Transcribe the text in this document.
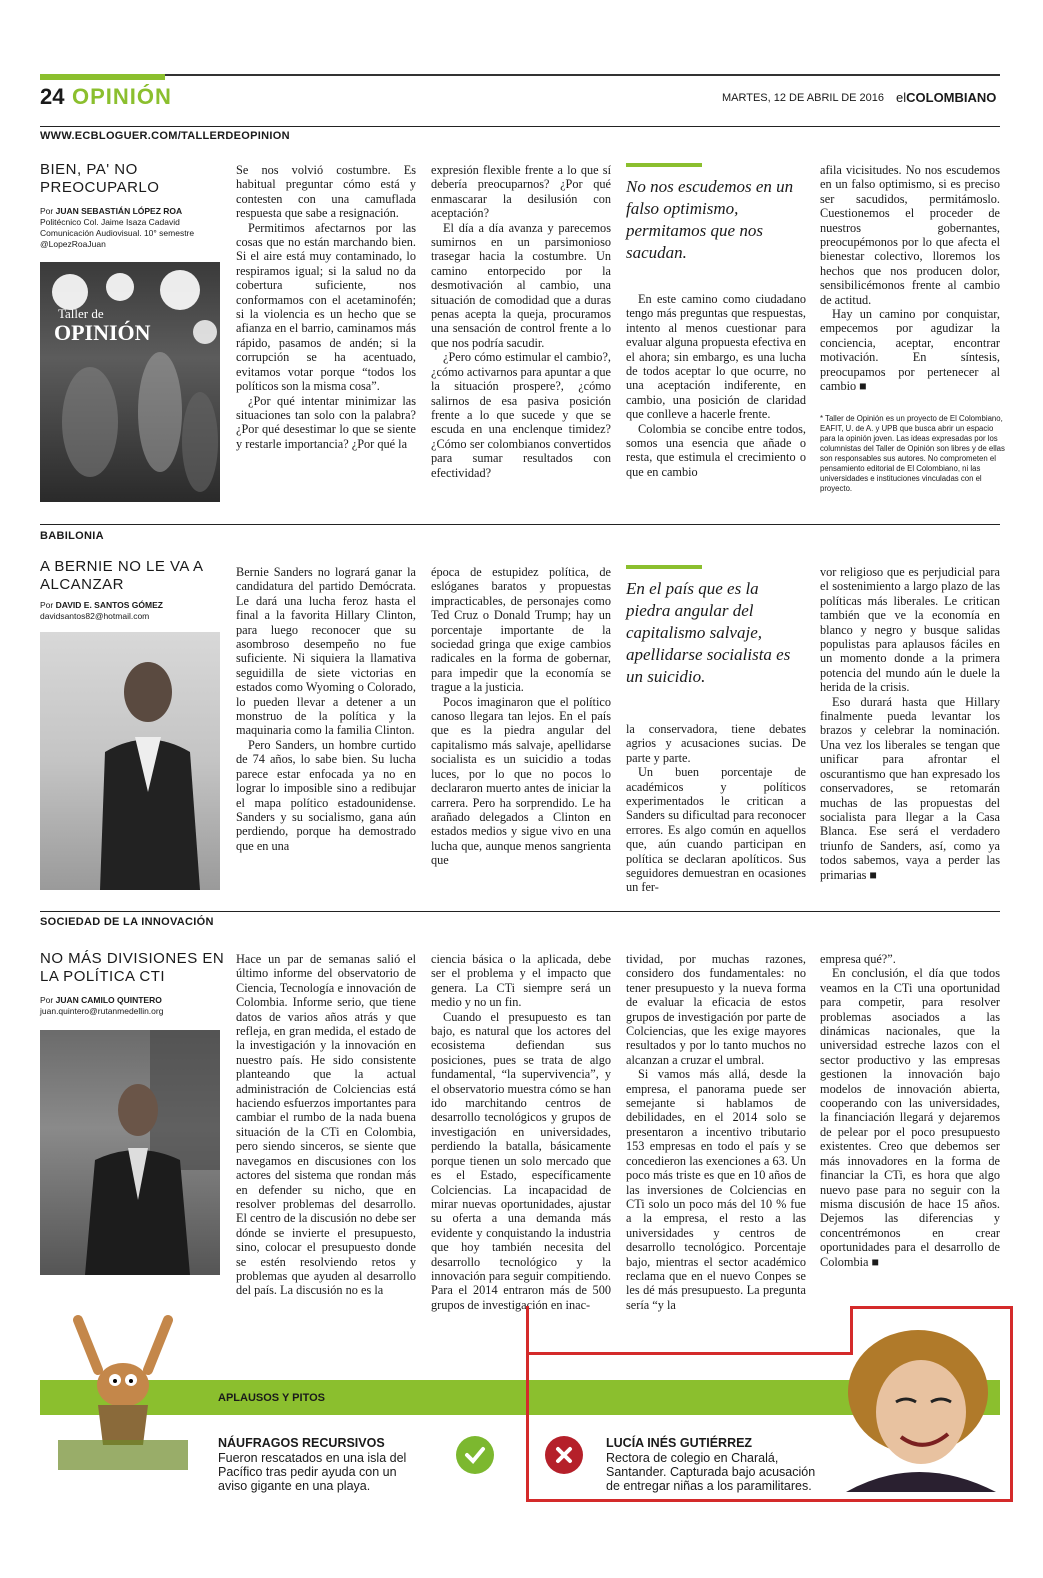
24 OPINIÓN	MARTES, 12 DE ABRIL DE 2016 elCOLOMBIANO
WWW.ECBLOGUER.COM/TALLERDEOPINION
BIEN, PA' NO PREOCUPARLO
Por JUAN SEBASTIÁN LÓPEZ ROA
Politécnico Col. Jaime Isaza Cadavid
Comunicación Audiovisual. 10° semestre
@LopezRoaJuan
Taller de
OPINIÓN

Se nos volvió costumbre. Es habitual preguntar cómo está y contesten con una camuflada respuesta que sabe a resignación.

Permitimos afectarnos por las cosas que no están marchando bien. Si el aire está muy contaminado, lo respiramos igual; si la salud no da cobertura suficiente, nos conformamos con el acetaminofén; si la violencia es un hecho que se afianza en el barrio, caminamos más rápido, pasamos de andén; si la corrupción se ha acentuado, evitamos votar porque “todos los políticos son la misma cosa”.

¿Por qué intentar minimizar las situaciones tan solo con la palabra? ¿Por qué desestimar lo que se siente y restarle importancia? ¿Por qué la

expresión flexible frente a lo que sí debería preocuparnos? ¿Por qué enmascarar la desilusión con aceptación?

El día a día avanza y parecemos sumirnos en un parsimonioso trasegar hacia la costumbre. Un camino entorpecido por la desmotivación al cambio, una situación de comodidad que a duras penas acepta la queja, procuramos una sensación de control frente a lo que nos podría sacudir.

¿Pero cómo estimular el cambio?, ¿cómo activarnos para apuntar a que la situación prospere?, ¿cómo salirnos de esa pasiva posición frente a lo que sucede y que se escuda en una enclenque timidez? ¿Cómo ser colombianos convertidos para sumar resultados con efectividad?

No nos escudemos en un falso optimismo, permitamos que nos sacudan.

En este camino como ciudadano tengo más preguntas que respuestas, intento al menos cuestionar para evaluar alguna propuesta efectiva en el ahora; sin embargo, es una lucha de todos aceptar lo que ocurre, no una aceptación indiferente, en cambio, una posición de claridad que conlleve a hacerle frente.

Colombia se concibe entre todos, somos una esencia que añade o resta, que estimula el crecimiento o que en cambio

afila vicisitudes. No nos escudemos en un falso optimismo, si es preciso ser sacudidos, permitámoslo. Cuestionemos el proceder de nuestros gobernantes, preocupémonos por lo que afecta el bienestar colectivo, lloremos los hechos que nos producen dolor, sensibilicémonos frente al cambio de actitud.

Hay un camino por conquistar, empecemos por agudizar la conciencia, aceptar, encontrar motivación. En síntesis, preocupamos por pertenecer al cambio ■

* Taller de Opinión es un proyecto de El Colombiano, EAFIT, U. de A. y UPB que busca abrir un espacio para la opinión joven. Las ideas expresadas por los columnistas del Taller de Opinión son libres y de ellas son responsables sus autores. No comprometen el pensamiento editorial de El Colombiano, ni las universidades e instituciones vinculadas con el proyecto.
BABILONIA
A BERNIE NO LE VA A ALCANZAR
Por DAVID E. SANTOS GÓMEZ
davidsantos82@hotmail.com

Bernie Sanders no logrará ganar la candidatura del partido Demócrata. Le dará una lucha feroz hasta el final a la favorita Hillary Clinton, para luego reconocer que su asombroso desempeño no fue suficiente. Ni siquiera la llamativa seguidilla de siete victorias en estados como Wyoming o Colorado, lo pueden llevar a detener a un monstruo de la política y la maquinaria como la familia Clinton.

Pero Sanders, un hombre curtido de 74 años, lo sabe bien. Su lucha parece estar enfocada ya no en lograr lo imposible sino a redibujar el mapa político estadounidense. Sanders y su socialismo, gana aún perdiendo, porque ha demostrado que en una

época de estupidez política, de eslóganes baratos y propuestas impracticables, de personajes como Ted Cruz o Donald Trump; hay un porcentaje importante de la sociedad gringa que exige cambios radicales en la forma de gobernar, para impedir que la economía se trague a la justicia.

Pocos imaginaron que el político canoso llegara tan lejos. En el país que es la piedra angular del capitalismo más salvaje, apellidarse socialista es un suicidio a todas luces, por lo que no pocos lo declararon muerto antes de iniciar la carrera. Pero ha sorprendido. Le ha arañado delegados a Clinton en estados medios y sigue vivo en una lucha que, aunque menos sangrienta que

En el país que es la piedra angular del capitalismo salvaje, apellidarse socialista es un suicidio.

la conservadora, tiene debates agrios y acusaciones sucias. De parte y parte.

Un buen porcentaje de académicos y políticos experimentados le critican a Sanders su dificultad para reconocer errores. Es algo común en aquellos que, aún cuando participan en política se declaran apolíticos. Sus seguidores demuestran en ocasiones un fer-

vor religioso que es perjudicial para el sostenimiento a largo plazo de las políticas más liberales. Le critican también que ve la economía en blanco y negro y busque salidas populistas para aplausos fáciles en un momento donde a la primera potencia del mundo aún le duele la herida de la crisis.

Eso durará hasta que Hillary finalmente pueda levantar los brazos y celebrar la nominación. Una vez los liberales se tengan que unificar para afrontar el oscurantismo que han expresado los conservadores, se retomarán muchas de las propuestas del socialista para llegar a la Casa Blanca. Ese será el verdadero triunfo de Sanders, así, como ya todos sabemos, vaya a perder las primarias ■

SOCIEDAD DE LA INNOVACIÓN
NO MÁS DIVISIONES EN LA POLÍTICA CTI
Por JUAN CAMILO QUINTERO
juan.quintero@rutanmedellin.org

Hace un par de semanas salió el último informe del observatorio de Ciencia, Tecnología e innovación de Colombia. Informe serio, que tiene datos de varios años atrás y que refleja, en gran medida, el estado de la investigación y la innovación en nuestro país. He sido consistente planteando que la actual administración de Colciencias está haciendo esfuerzos importantes para cambiar el rumbo de la nada buena situación de la CTi en Colombia, pero siendo sinceros, se siente que navegamos en discusiones con los actores del sistema que rondan más en defender su nicho, que en resolver problemas del desarrollo. El centro de la discusión no debe ser dónde se invierte el presupuesto, sino, colocar el presupuesto donde se estén resolviendo retos y problemas que ayuden al desarrollo del país. La discusión no es la

ciencia básica o la aplicada, debe ser el problema y el impacto que genera. La CTi siempre será un medio y no un fin.

Cuando el presupuesto es tan bajo, es natural que los actores del ecosistema defiendan sus posiciones, pues se trata de algo fundamental, “la supervivencia”, y el observatorio muestra cómo se han ido marchitando centros de desarrollo tecnológicos y grupos de investigación en universidades, perdiendo la batalla, básicamente porque tienen un solo mercado que es el Estado, específicamente Colciencias. La incapacidad de mirar nuevas oportunidades, ajustar su oferta a una demanda más evidente y conquistando la industria que hoy también necesita del desarrollo tecnológico y la innovación para seguir compitiendo. Para el 2014 entraron más de 500 grupos de investigación en inac-

tividad, por muchas razones, considero dos fundamentales: no tener presupuesto y la nueva forma de evaluar la eficacia de estos grupos de investigación por parte de Colciencias, que les exige mayores resultados y por lo tanto muchos no alcanzan a cruzar el umbral.

Si vamos más allá, desde la empresa, el panorama puede ser semejante si hablamos de debilidades, en el 2014 solo se presentaron a incentivo tributario 153 empresas en todo el país y se concedieron las exenciones a 63. Un poco más triste es que en 10 años de las inversiones de Colciencias en CTi solo un poco más del 10 % fue a la empresa, el resto a las universidades y centros de desarrollo tecnológico. Porcentaje bajo, mientras el sector académico reclama que en el nuevo Conpes se les dé más presupuesto. La pregunta sería “y la

empresa qué?”.

En conclusión, el día que todos veamos en la CTi una oportunidad para competir, para resolver problemas asociados a las dinámicas nacionales, que la universidad estreche lazos con el sector productivo y las empresas gestionen la innovación bajo modelos de innovación abierta, cooperando con las universidades, la financiación llegará y dejaremos de pelear por el poco presupuesto existentes. Creo que debemos ser más innovadores en la forma de financiar la CTi, es hora que algo nuevo pase para no seguir con la misma discusión de hace 15 años. Dejemos las diferencias y concentrémonos en crear oportunidades para el desarrollo de Colombia ■

APLAUSOS Y PITOS
NÁUFRAGOS RECURSIVOS
Fueron rescatados en una isla del Pacífico tras pedir ayuda con un aviso gigante en una playa.
LUCÍA INÉS GUTIÉRREZ
Rectora de colegio en Charalá, Santander. Capturada bajo acusación de entregar niñas a los paramilitares.
